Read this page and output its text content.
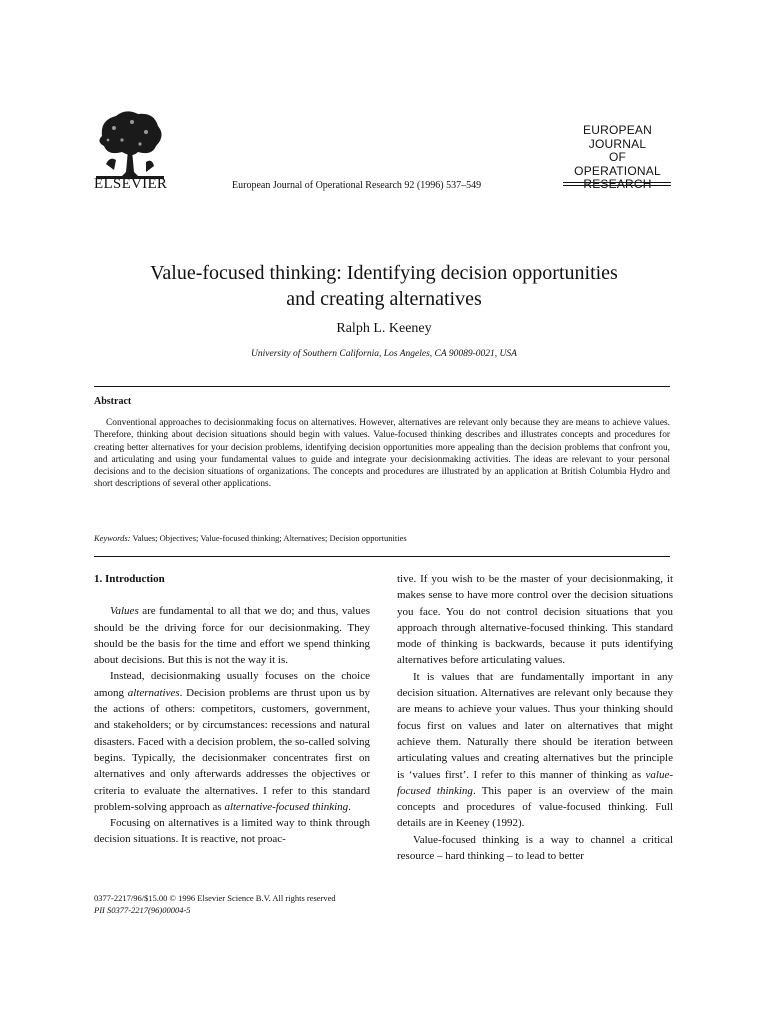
ELSEVIER	European Journal of Operational Research 92 (1996) 537–549
EUROPEAN
JOURNAL
OF OPERATIONAL
RESEARCH
Value-focused thinking: Identifying decision opportunities
and creating alternatives
Ralph L. Keeney
University of Southern California, Los Angeles, CA 90089-0021, USA
Abstract
Conventional approaches to decisionmaking focus on alternatives. However, alternatives are relevant only because they are means to achieve values. Therefore, thinking about decision situations should begin with values. Value-focused thinking describes and illustrates concepts and procedures for creating better alternatives for your decision problems, identifying decision opportunities more appealing than the decision problems that confront you, and articulating and using your fundamental values to guide and integrate your decisionmaking activities. The ideas are relevant to your personal decisions and to the decision situations of organizations. The concepts and procedures are illustrated by an application at British Columbia Hydro and short descriptions of several other applications.
Keywords: Values; Objectives; Value-focused thinking; Alternatives; Decision opportunities
1. Introduction
Values are fundamental to all that we do; and thus, values should be the driving force for our decisionmaking. They should be the basis for the time and effort we spend thinking about decisions. But this is not the way it is.
Instead, decisionmaking usually focuses on the choice among alternatives. Decision problems are thrust upon us by the actions of others: competitors, customers, government, and stakeholders; or by circumstances: recessions and natural disasters. Faced with a decision problem, the so-called solving begins. Typically, the decisionmaker concentrates first on alternatives and only afterwards addresses the objectives or criteria to evaluate the alternatives. I refer to this standard problem-solving approach as alternative-focused thinking.
Focusing on alternatives is a limited way to think through decision situations. It is reactive, not proac-
tive. If you wish to be the master of your decisionmaking, it makes sense to have more control over the decision situations you face. You do not control decision situations that you approach through alternative-focused thinking. This standard mode of thinking is backwards, because it puts identifying alternatives before articulating values.
It is values that are fundamentally important in any decision situation. Alternatives are relevant only because they are means to achieve your values. Thus your thinking should focus first on values and later on alternatives that might achieve them. Naturally there should be iteration between articulating values and creating alternatives but the principle is ‘values first’. I refer to this manner of thinking as value-focused thinking. This paper is an overview of the main concepts and procedures of value-focused thinking. Full details are in Keeney (1992).
Value-focused thinking is a way to channel a critical resource – hard thinking – to lead to better
0377-2217/96/$15.00 © 1996 Elsevier Science B.V. All rights reserved
PII S0377-2217(96)00004-5
